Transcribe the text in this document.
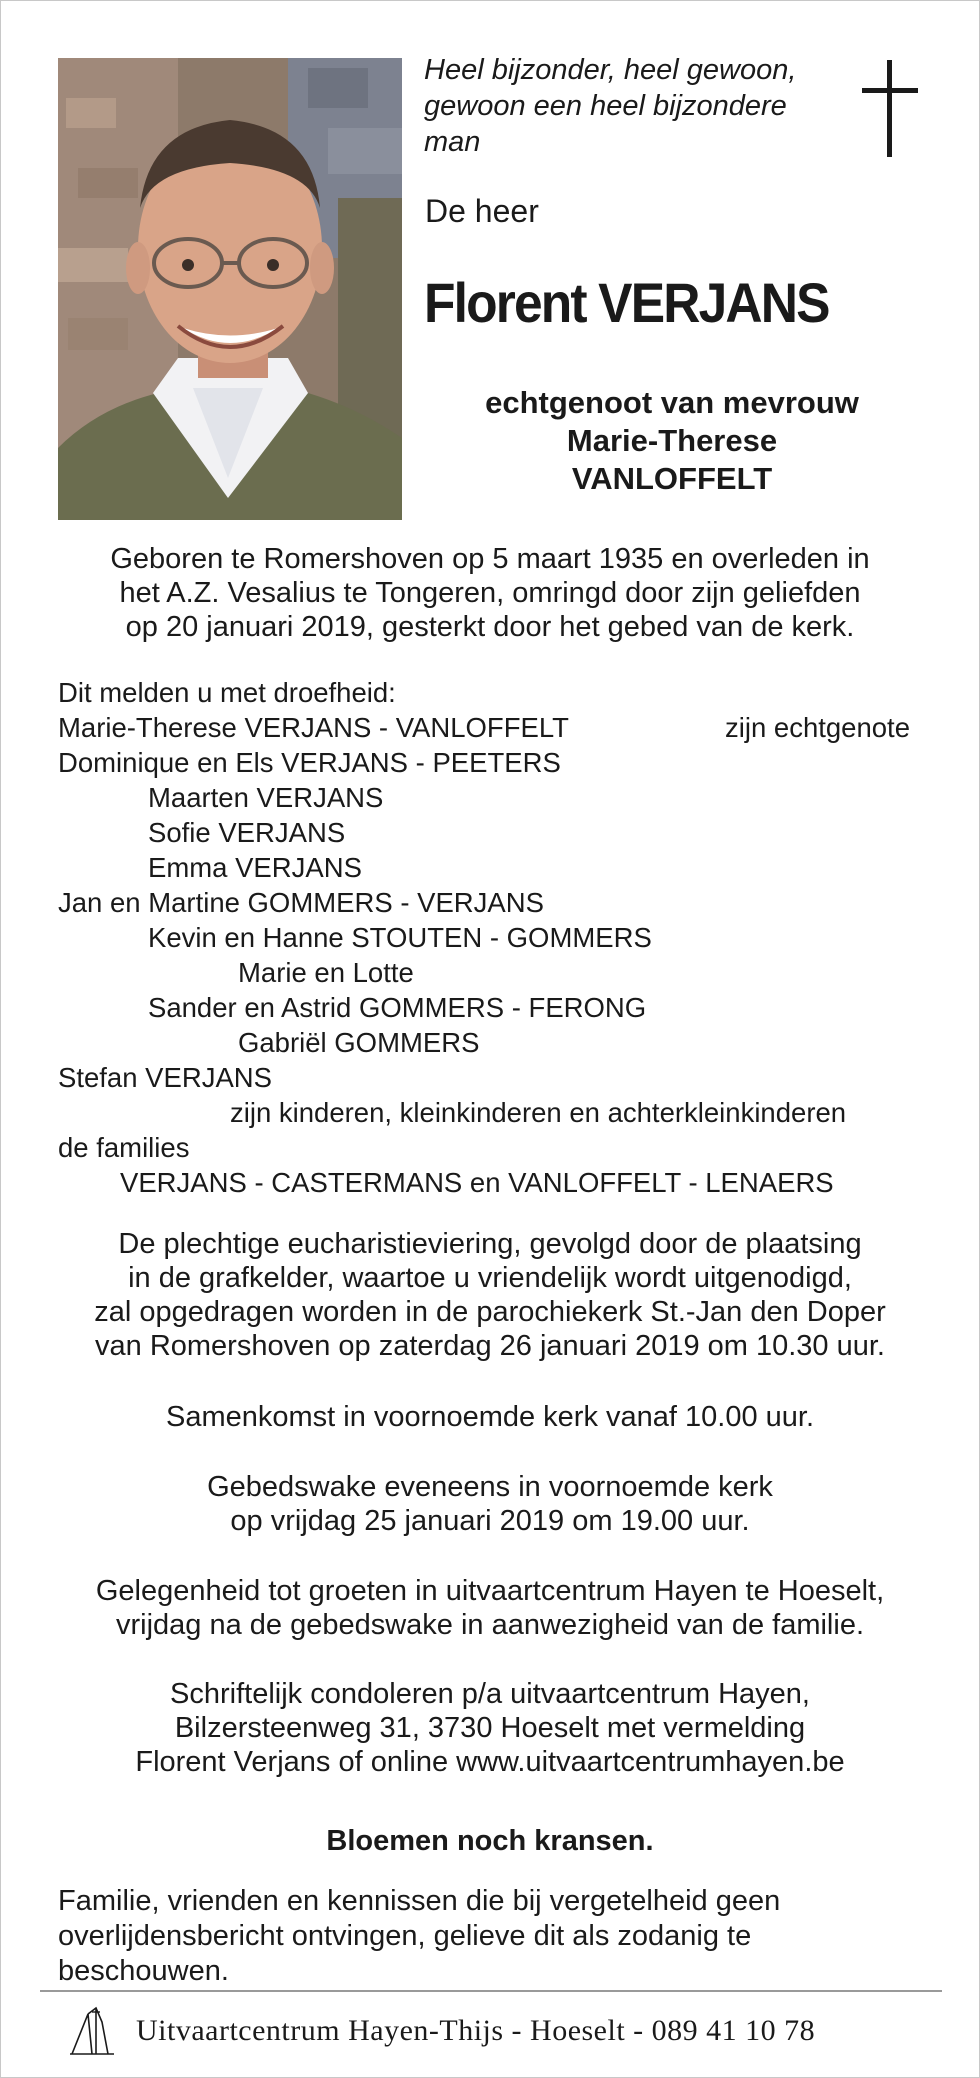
Heel bijzonder, heel gewoon,
gewoon een heel bijzondere
man
De heer
Florent VERJANS
echtgenoot van mevrouw
Marie-Therese
VANLOFFELT
Geboren te Romershoven op 5 maart 1935 en overleden in
het A.Z. Vesalius te Tongeren, omringd door zijn geliefden
op 20 januari 2019, gesterkt door het gebed van de kerk.
Dit melden u met droefheid:
Marie-Therese VERJANS - VANLOFFELT	zijn echtgenote
Dominique en Els VERJANS - PEETERS
Maarten VERJANS
Sofie VERJANS
Emma VERJANS
Jan en Martine GOMMERS - VERJANS
Kevin en Hanne STOUTEN - GOMMERS
Marie en Lotte
Sander en Astrid GOMMERS - FERONG
Gabriël GOMMERS
Stefan VERJANS
zijn kinderen, kleinkinderen en achterkleinkinderen
de families
VERJANS - CASTERMANS en VANLOFFELT - LENAERS
De plechtige eucharistieviering, gevolgd door de plaatsing
in de grafkelder, waartoe u vriendelijk wordt uitgenodigd,
zal opgedragen worden in de parochiekerk St.-Jan den Doper
van Romershoven op zaterdag 26 januari 2019 om 10.30 uur.
Samenkomst in voornoemde kerk vanaf 10.00 uur.
Gebedswake eveneens in voornoemde kerk
op vrijdag 25 januari 2019 om 19.00 uur.
Gelegenheid tot groeten in uitvaartcentrum Hayen te Hoeselt,
vrijdag na de gebedswake in aanwezigheid van de familie.
Schriftelijk condoleren p/a uitvaartcentrum Hayen,
Bilzersteenweg 31, 3730 Hoeselt met vermelding
Florent Verjans of online www.uitvaartcentrumhayen.be
Bloemen noch kransen.
Familie, vrienden en kennissen die bij vergetelheid geen
overlijdensbericht ontvingen, gelieve dit als zodanig te
beschouwen.
Uitvaartcentrum Hayen-Thijs - Hoeselt - 089 41 10 78
